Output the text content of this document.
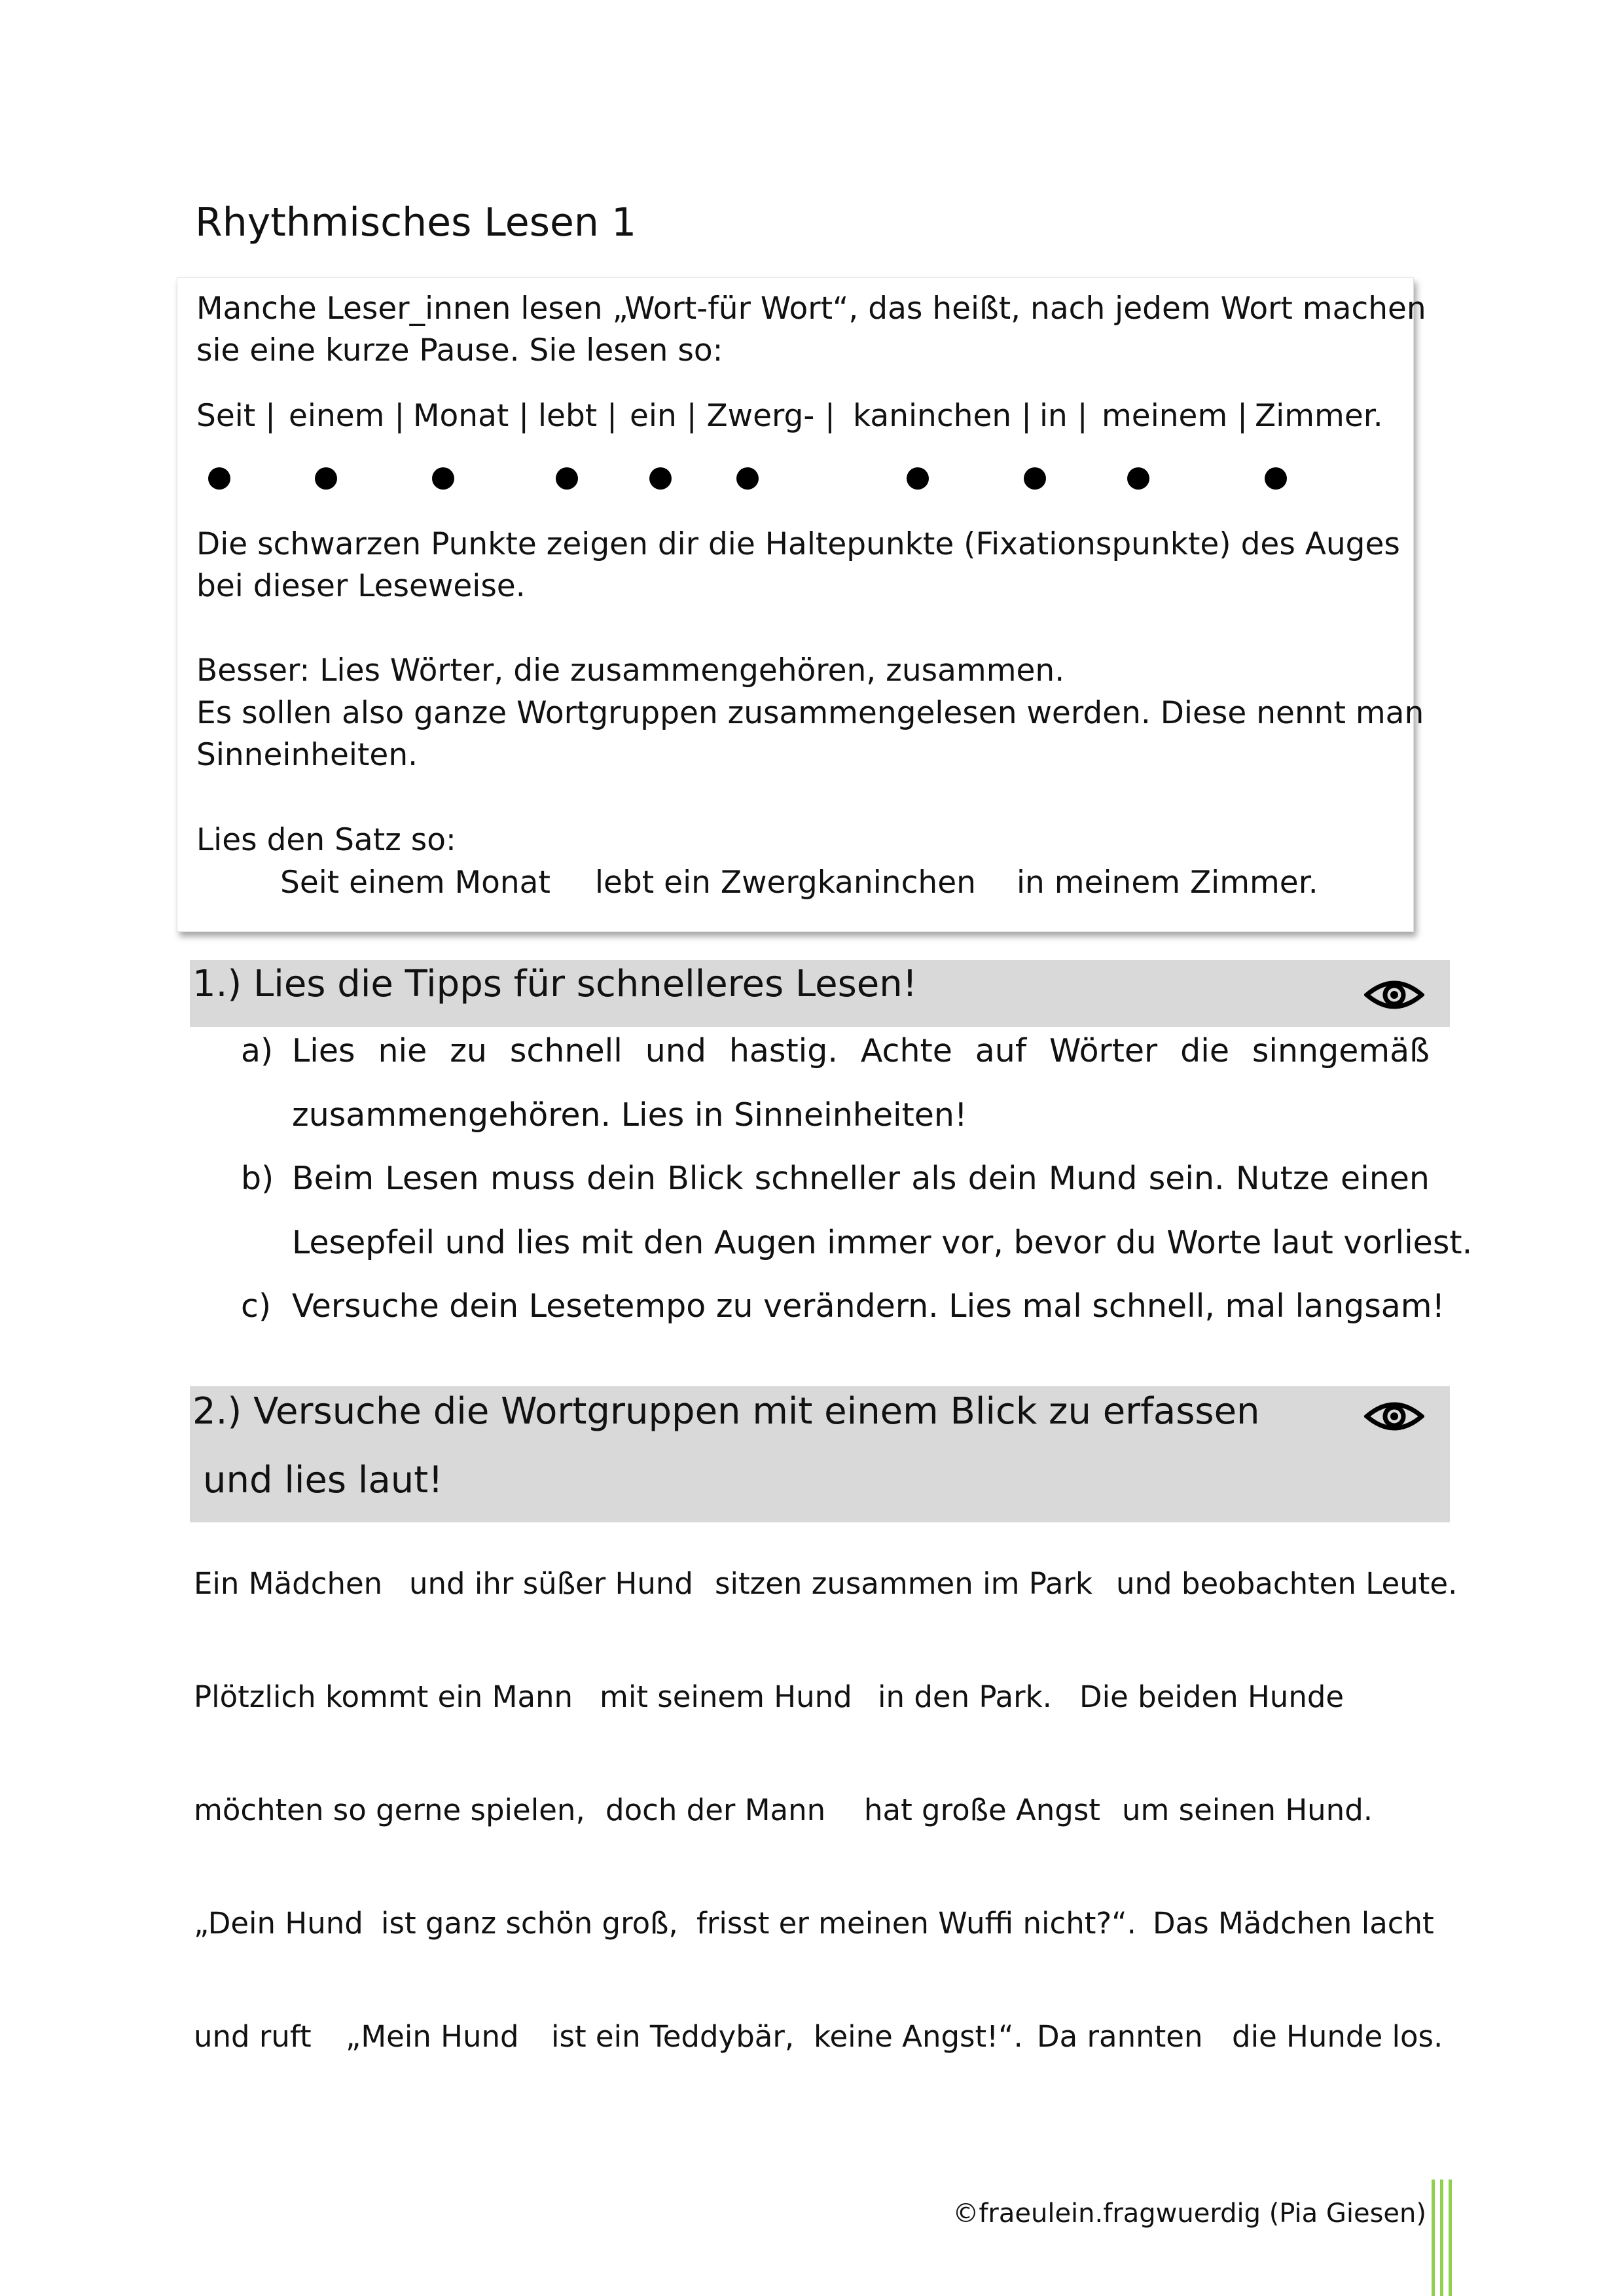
Rhythmisches Lesen 1
Manche Leser_innen lesen „Wort-für Wort“, das heißt, nach jedem Wort machen
sie eine kurze Pause. Sie lesen so:
Seit | einem | Monat | lebt | ein | Zwerg- | kaninchen | in | meinem | Zimmer.
Die schwarzen Punkte zeigen dir die Haltepunkte (Fixationspunkte) des Auges
bei dieser Leseweise.
Besser: Lies Wörter, die zusammengehören, zusammen.
Es sollen also ganze Wortgruppen zusammengelesen werden. Diese nennt man
Sinneinheiten.
Lies den Satz so:
Seit einem Monat lebt ein Zwergkaninchen in meinem Zimmer.
1.) Lies die Tipps für schnelleres Lesen!
a) Lies nie zu schnell und hastig. Achte auf Wörter die sinngemäß
zusammengehören. Lies in Sinneinheiten!
b) Beim Lesen muss dein Blick schneller als dein Mund sein. Nutze einen
Lesepfeil und lies mit den Augen immer vor, bevor du Worte laut vorliest.
c) Versuche dein Lesetempo zu verändern. Lies mal schnell, mal langsam!
2.) Versuche die Wortgruppen mit einem Blick zu erfassen
und lies laut!
Ein Mädchen und ihr süßer Hund sitzen zusammen im Park und beobachten Leute.
Plötzlich kommt ein Mann mit seinem Hund in den Park. Die beiden Hunde
möchten so gerne spielen, doch der Mann hat große Angst um seinen Hund.
„Dein Hund ist ganz schön groß, frisst er meinen Wuffi nicht?“. Das Mädchen lacht
und ruft „Mein Hund ist ein Teddybär, keine Angst!“. Da rannten die Hunde los.
©fraeulein.fragwuerdig (Pia Giesen)
